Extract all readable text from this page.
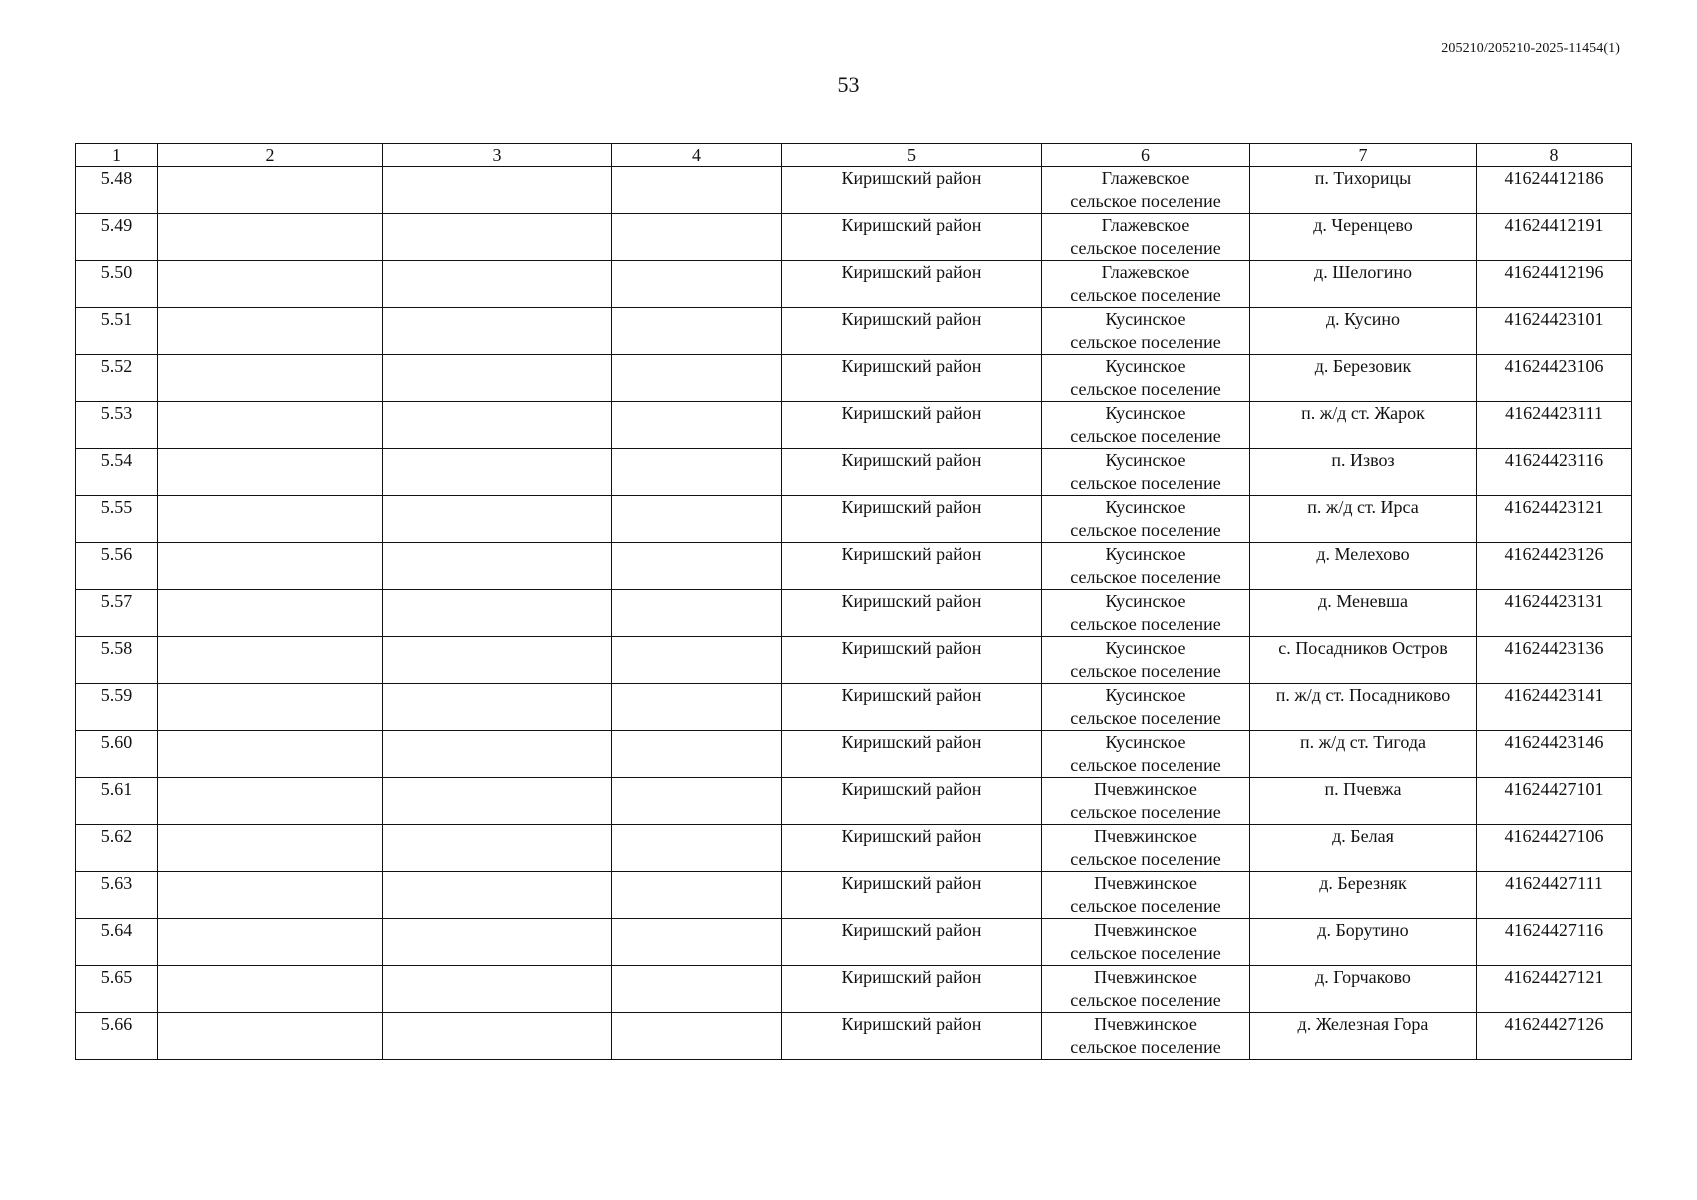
205210/205210-2025-11454(1)
53
1	2	3	4	5	6	7	8
5.48				Киришский район	Глажевское
сельское поселение	п. Тихорицы	41624412186
5.49				Киришский район	Глажевское
сельское поселение	д. Черенцево	41624412191
5.50				Киришский район	Глажевское
сельское поселение	д. Шелогино	41624412196
5.51				Киришский район	Кусинское
сельское поселение	д. Кусино	41624423101
5.52				Киришский район	Кусинское
сельское поселение	д. Березовик	41624423106
5.53				Киришский район	Кусинское
сельское поселение	п. ж/д ст. Жарок	41624423111
5.54				Киришский район	Кусинское
сельское поселение	п. Извоз	41624423116
5.55				Киришский район	Кусинское
сельское поселение	п. ж/д ст. Ирса	41624423121
5.56				Киришский район	Кусинское
сельское поселение	д. Мелехово	41624423126
5.57				Киришский район	Кусинское
сельское поселение	д. Меневша	41624423131
5.58				Киришский район	Кусинское
сельское поселение	с. Посадников Остров	41624423136
5.59				Киришский район	Кусинское
сельское поселение	п. ж/д ст. Посадниково	41624423141
5.60				Киришский район	Кусинское
сельское поселение	п. ж/д ст. Тигода	41624423146
5.61				Киришский район	Пчевжинское
сельское поселение	п. Пчевжа	41624427101
5.62				Киришский район	Пчевжинское
сельское поселение	д. Белая	41624427106
5.63				Киришский район	Пчевжинское
сельское поселение	д. Березняк	41624427111
5.64				Киришский район	Пчевжинское
сельское поселение	д. Борутино	41624427116
5.65				Киришский район	Пчевжинское
сельское поселение	д. Горчаково	41624427121
5.66				Киришский район	Пчевжинское
сельское поселение	д. Железная Гора	41624427126
